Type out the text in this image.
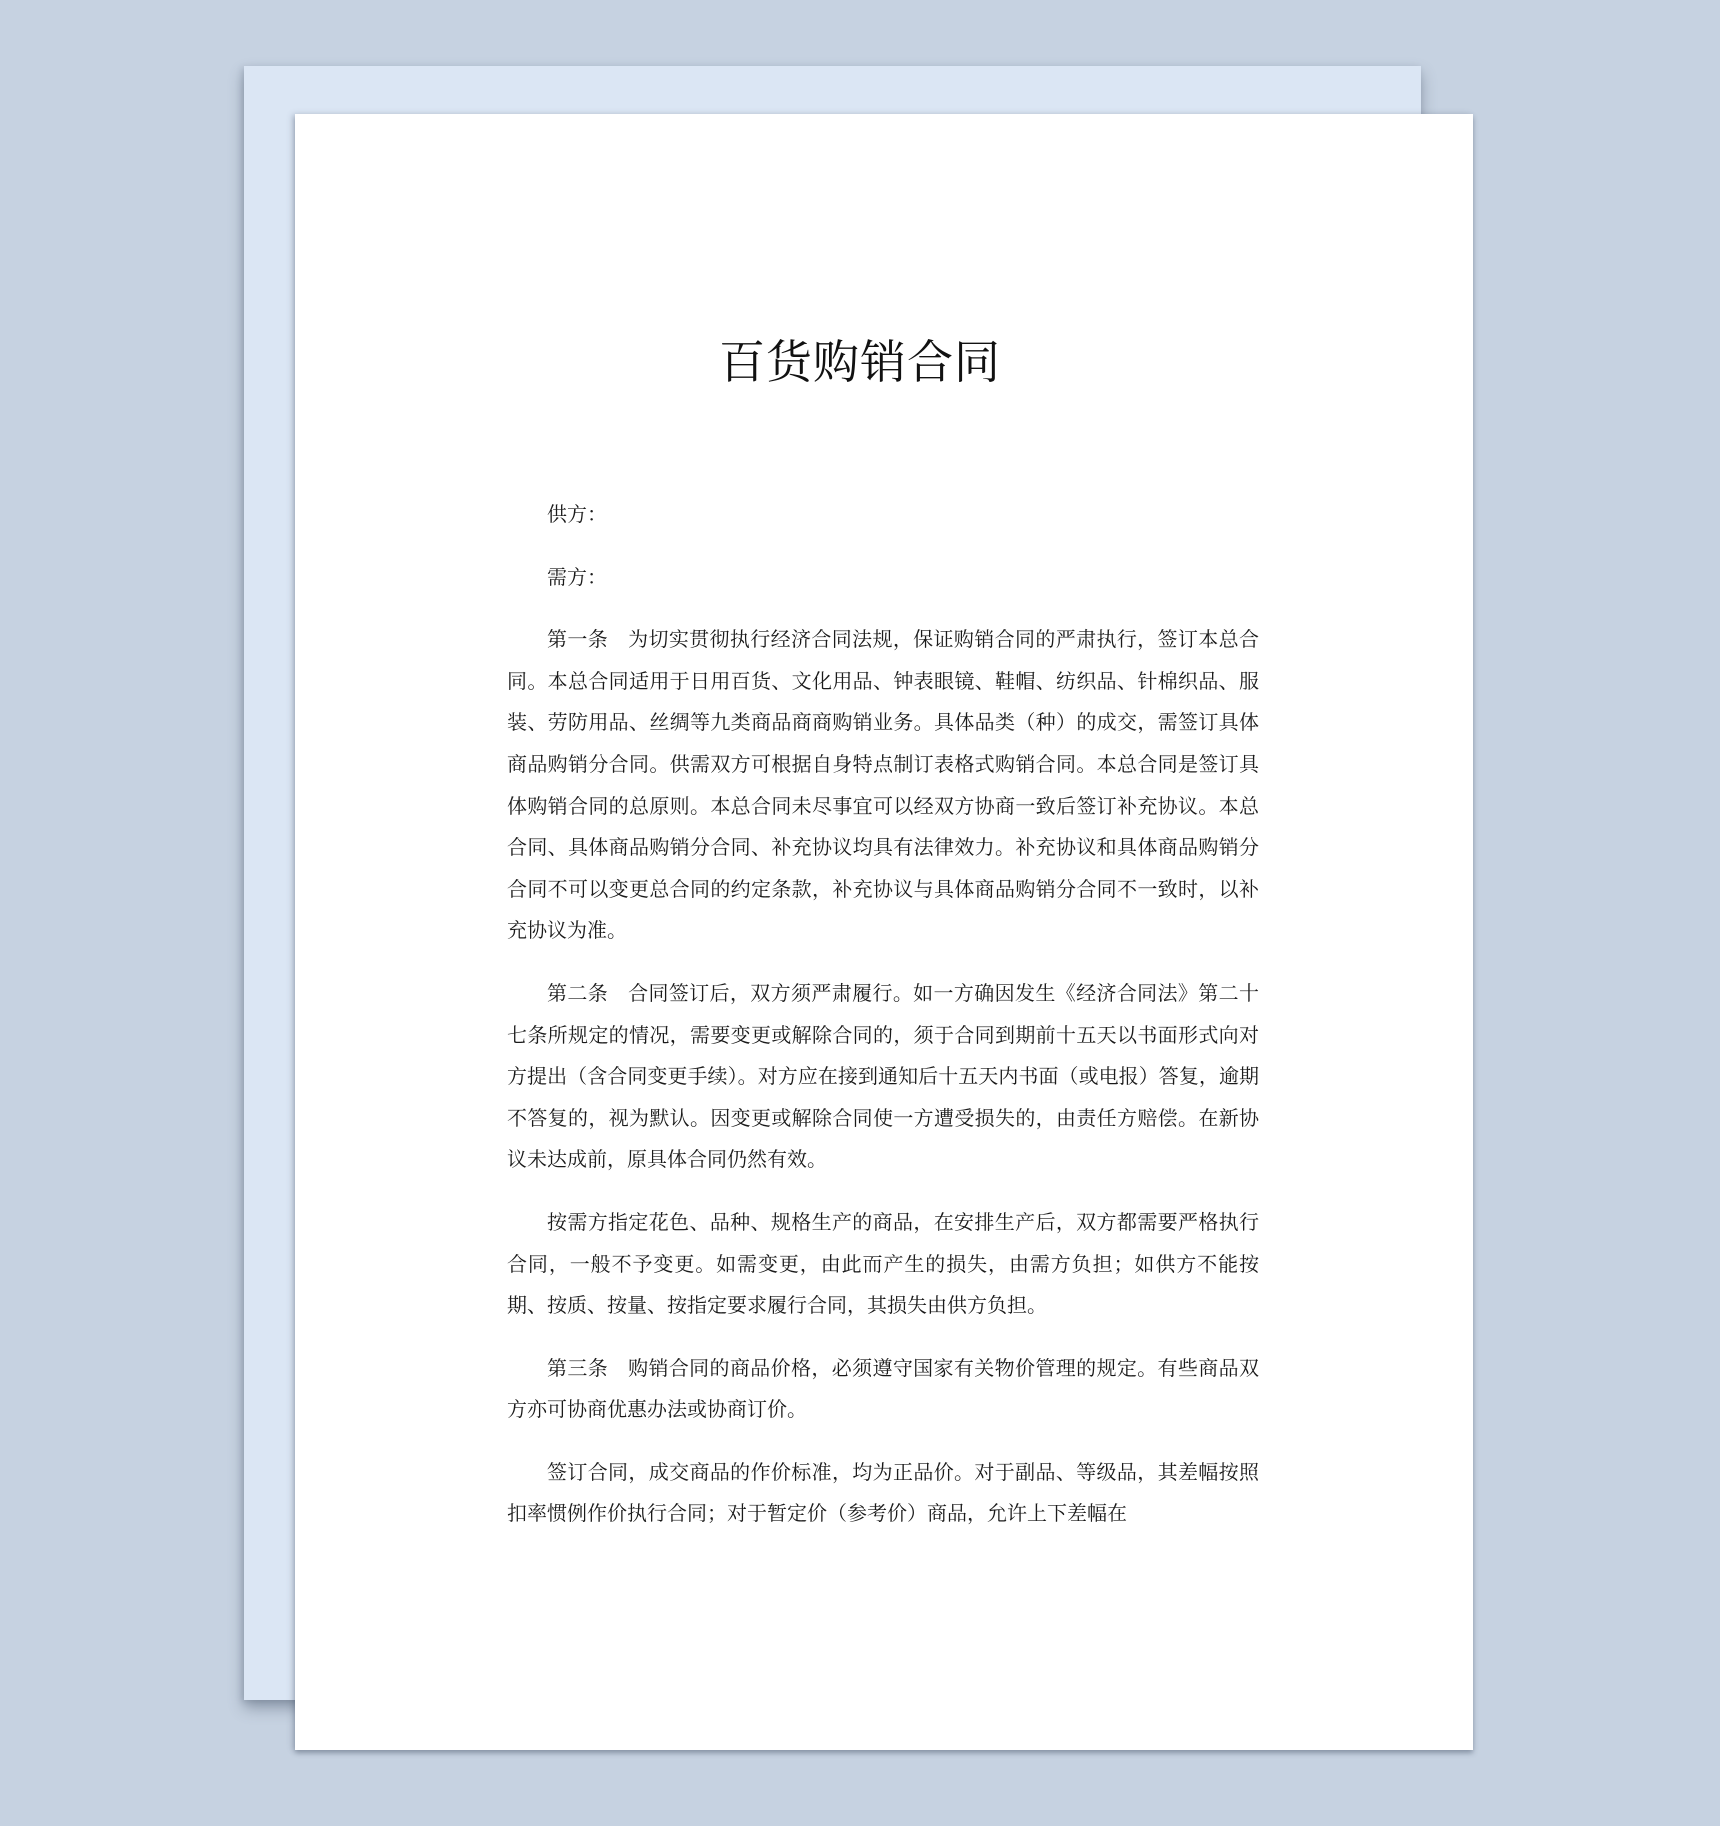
百货购销合同

供方：

需方：

第一条 为切实贯彻执行经济合同法规，保证购销合同的严肃执行，签订本总合同。本总合同适用于日用百货、文化用品、钟表眼镜、鞋帽、纺织品、针棉织品、服装、劳防用品、丝绸等九类商品商商购销业务。具体品类（种）的成交，需签订具体商品购销分合同。供需双方可根据自身特点制订表格式购销合同。本总合同是签订具体购销合同的总原则。本总合同未尽事宜可以经双方协商一致后签订补充协议。本总合同、具体商品购销分合同、补充协议均具有法律效力。补充协议和具体商品购销分合同不可以变更总合同的约定条款，补充协议与具体商品购销分合同不一致时，以补充协议为准。

第二条 合同签订后，双方须严肃履行。如一方确因发生《经济合同法》第二十七条所规定的情况，需要变更或解除合同的，须于合同到期前十五天以书面形式向对方提出（含合同变更手续）。对方应在接到通知后十五天内书面（或电报）答复，逾期不答复的，视为默认。因变更或解除合同使一方遭受损失的，由责任方赔偿。在新协议未达成前，原具体合同仍然有效。

按需方指定花色、品种、规格生产的商品，在安排生产后，双方都需要严格执行合同，一般不予变更。如需变更，由此而产生的损失，由需方负担；如供方不能按期、按质、按量、按指定要求履行合同，其损失由供方负担。

第三条 购销合同的商品价格，必须遵守国家有关物价管理的规定。有些商品双方亦可协商优惠办法或协商订价。

签订合同，成交商品的作价标准，均为正品价。对于副品、等级品，其差幅按照扣率惯例作价执行合同；对于暂定价（参考价）商品，允许上下差幅在
